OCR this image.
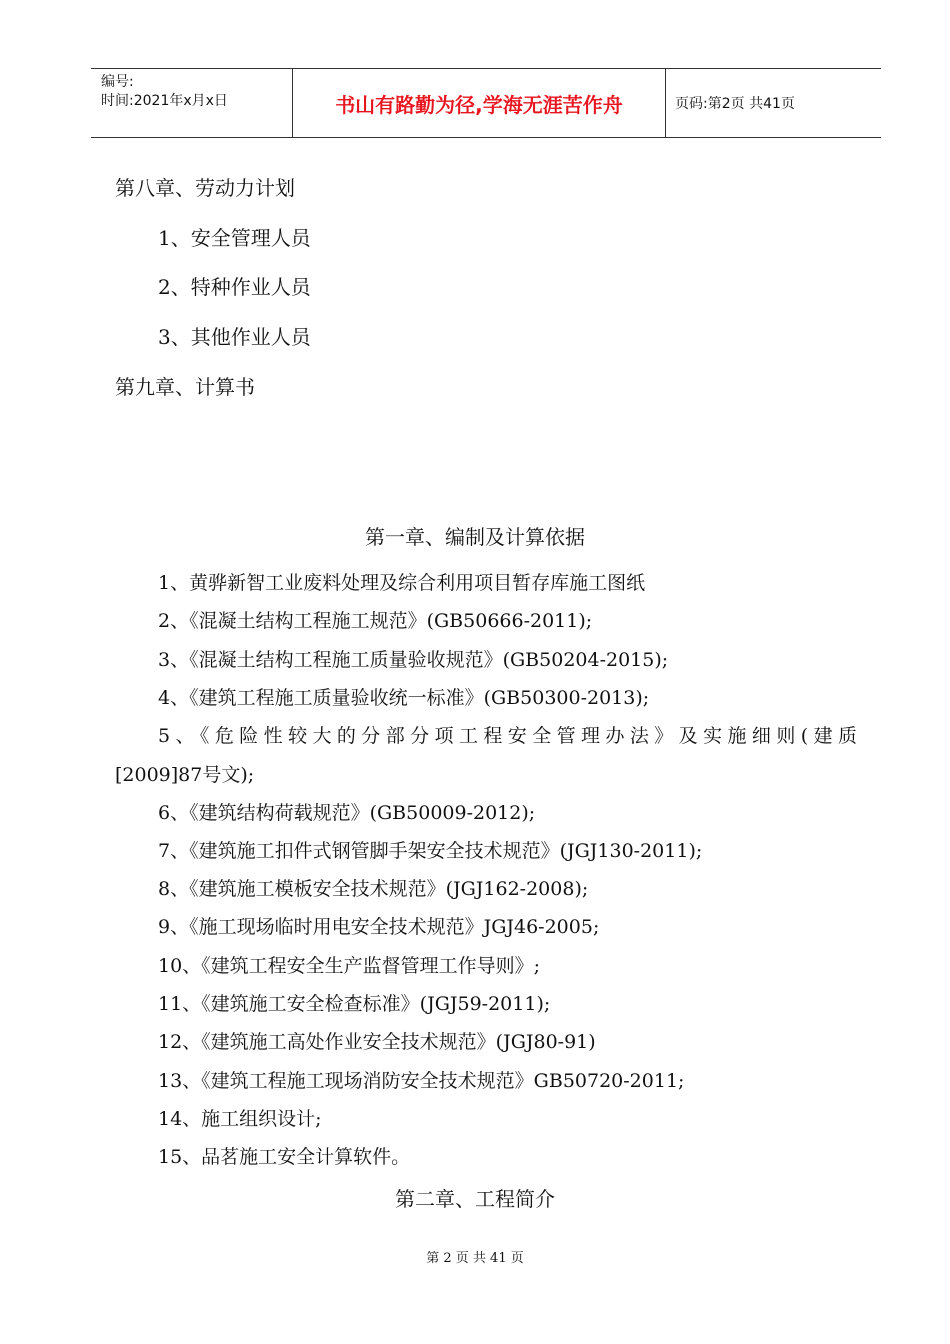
编号:
时间:2021年x月x日	书山有路勤为径,学海无涯苦作舟	页码:第2页 共41页
第八章、劳动力计划
1、安全管理人员
2、特种作业人员
3、其他作业人员
第九章、计算书
第一章、编制及计算依据
1、黄骅新智工业废料处理及综合利用项目暂存库施工图纸
2、《混凝土结构工程施工规范》(GB50666-2011);
3、《混凝土结构工程施工质量验收规范》(GB50204-2015);
4、《建筑工程施工质量验收统一标准》(GB50300-2013);
5、《危险性较大的分部分项工程安全管理办法》及实施细则(建质
[2009]87号文);
6、《建筑结构荷载规范》(GB50009-2012);
7、《建筑施工扣件式钢管脚手架安全技术规范》(JGJ130-2011);
8、《建筑施工模板安全技术规范》(JGJ162-2008);
9、《施工现场临时用电安全技术规范》JGJ46-2005;
10、《建筑工程安全生产监督管理工作导则》;
11、《建筑施工安全检查标准》(JGJ59-2011);
12、《建筑施工高处作业安全技术规范》(JGJ80-91)
13、《建筑工程施工现场消防安全技术规范》GB50720-2011;
14、施工组织设计;
15、品茗施工安全计算软件。
第二章、工程简介
第 2 页 共 41 页
